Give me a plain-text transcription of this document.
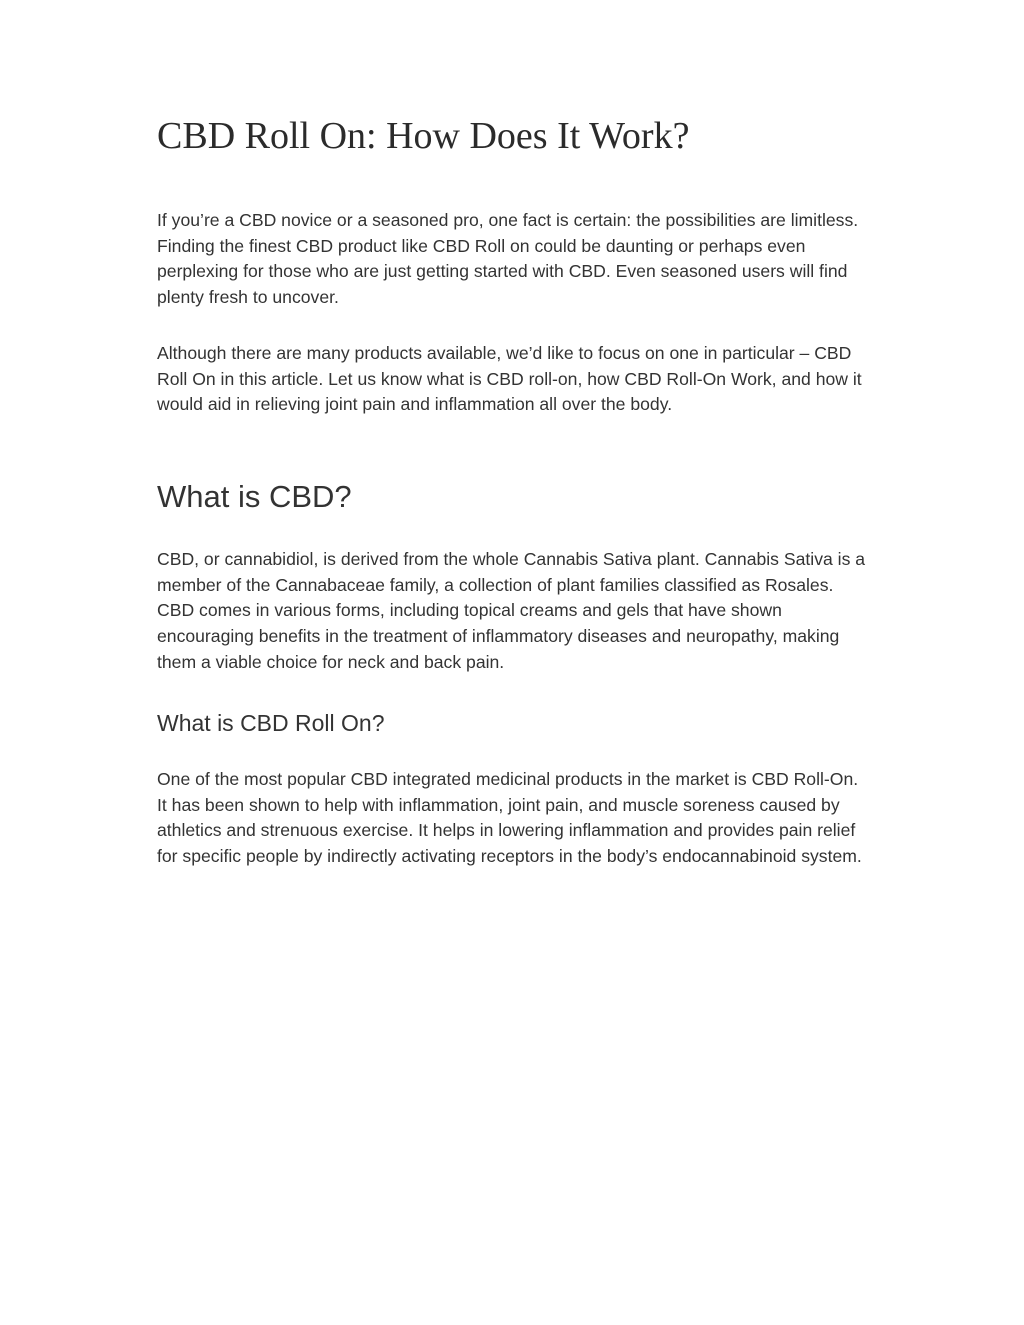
CBD Roll On: How Does It Work?

If you’re a CBD novice or a seasoned pro, one fact is certain: the possibilities are limitless. Finding the finest CBD product like CBD Roll on could be daunting or perhaps even perplexing for those who are just getting started with CBD. Even seasoned users will find plenty fresh to uncover.

Although there are many products available, we’d like to focus on one in particular – CBD Roll On in this article. Let us know what is CBD roll-on, how CBD Roll-On Work, and how it would aid in relieving joint pain and inflammation all over the body.

What is CBD?

CBD, or cannabidiol, is derived from the whole Cannabis Sativa plant. Cannabis Sativa is a member of the Cannabaceae family, a collection of plant families classified as Rosales. CBD comes in various forms, including topical creams and gels that have shown encouraging benefits in the treatment of inflammatory diseases and neuropathy, making them a viable choice for neck and back pain.

What is CBD Roll On?

One of the most popular CBD integrated medicinal products in the market is CBD Roll-On. It has been shown to help with inflammation, joint pain, and muscle soreness caused by athletics and strenuous exercise. It helps in lowering inflammation and provides pain relief for specific people by indirectly activating receptors in the body’s endocannabinoid system.
